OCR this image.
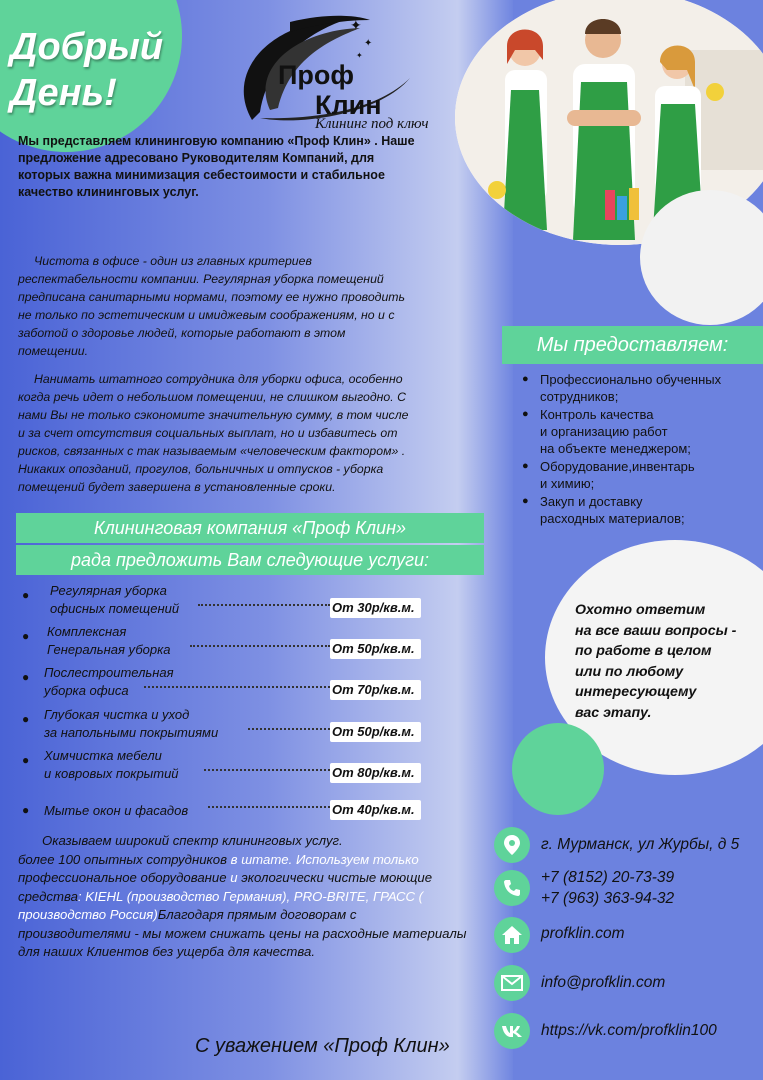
Добрый
День!
✦
✦
✦
Проф
Клин
Клининг под ключ

Мы представляем клининговую компанию «Проф Клин» . Наше предложение адресовано Руководителям Компаний, для которых важна минимизация себестоимости и стабильное качество клининговых услуг.

Чистота в офисе - один из главных критериев респектабельности компании. Регулярная уборка помещений предписана санитарными нормами, поэтому ее нужно проводить не только по эстетическим и имиджевым соображениям, но и с заботой о здоровье людей, которые работают в этом помещении.

Нанимать штатного сотрудника для уборки офиса, особенно когда речь идет о небольшом помещении, не слишком выгодно. С нами Вы не только сэкономите значительную сумму, в том числе и за счет отсутствия социальных выплат, но и избавитесь от рисков, связанных с так называемым «человеческим фактором» . Никаких опозданий, прогулов, больничных и отпусков - уборка помещений будет завершена в установленные сроки.

Клининговая компания «Проф Клин»
рада предложить Вам следующие услуги:
● Регулярная уборка
офисных помещений	От 30р/кв.м.
● Комплексная
Генеральная уборка	От 50р/кв.м.
● Послестроительная
уборка офиса	От 70р/кв.м.
● Глубокая чистка и уход
за напольными покрытиями	От 50р/кв.м.
● Химчистка мебели
и ковровых покрытий	От 80р/кв.м.
● Мытье окон и фасадов	От 40р/кв.м.

Оказываем широкий спектр клининговых услуг.
более 100 опытных сотрудников в штате. Используем только профессиональное оборудование и экологически чистые моющие средства: KIEHL (производство Германия), PRO-BRITE, ГРАСС ( производство Россия)Благодаря прямым договорам с производителями - мы можем снижать цены на расходные материалы для наших Клиентов без ущерба для качества.

С уважением «Проф Клин»
Мы предоставляем:
● Профессионально обученных
сотрудников;
● Контроль качества
и организацию работ
на объекте менеджером;
● Оборудование,инвентарь
и химию;
● Закуп и доставку
расходных материалов;
Охотно ответим
на все ваши вопросы -
по работе в целом
или по любому
интересующему
вас этапу.
г. Мурманск, ул Журбы, д 5
+7 (8152) 20-73-39
+7 (963) 363-94-32
profklin.com
info@profklin.com
https://vk.com/profklin100
